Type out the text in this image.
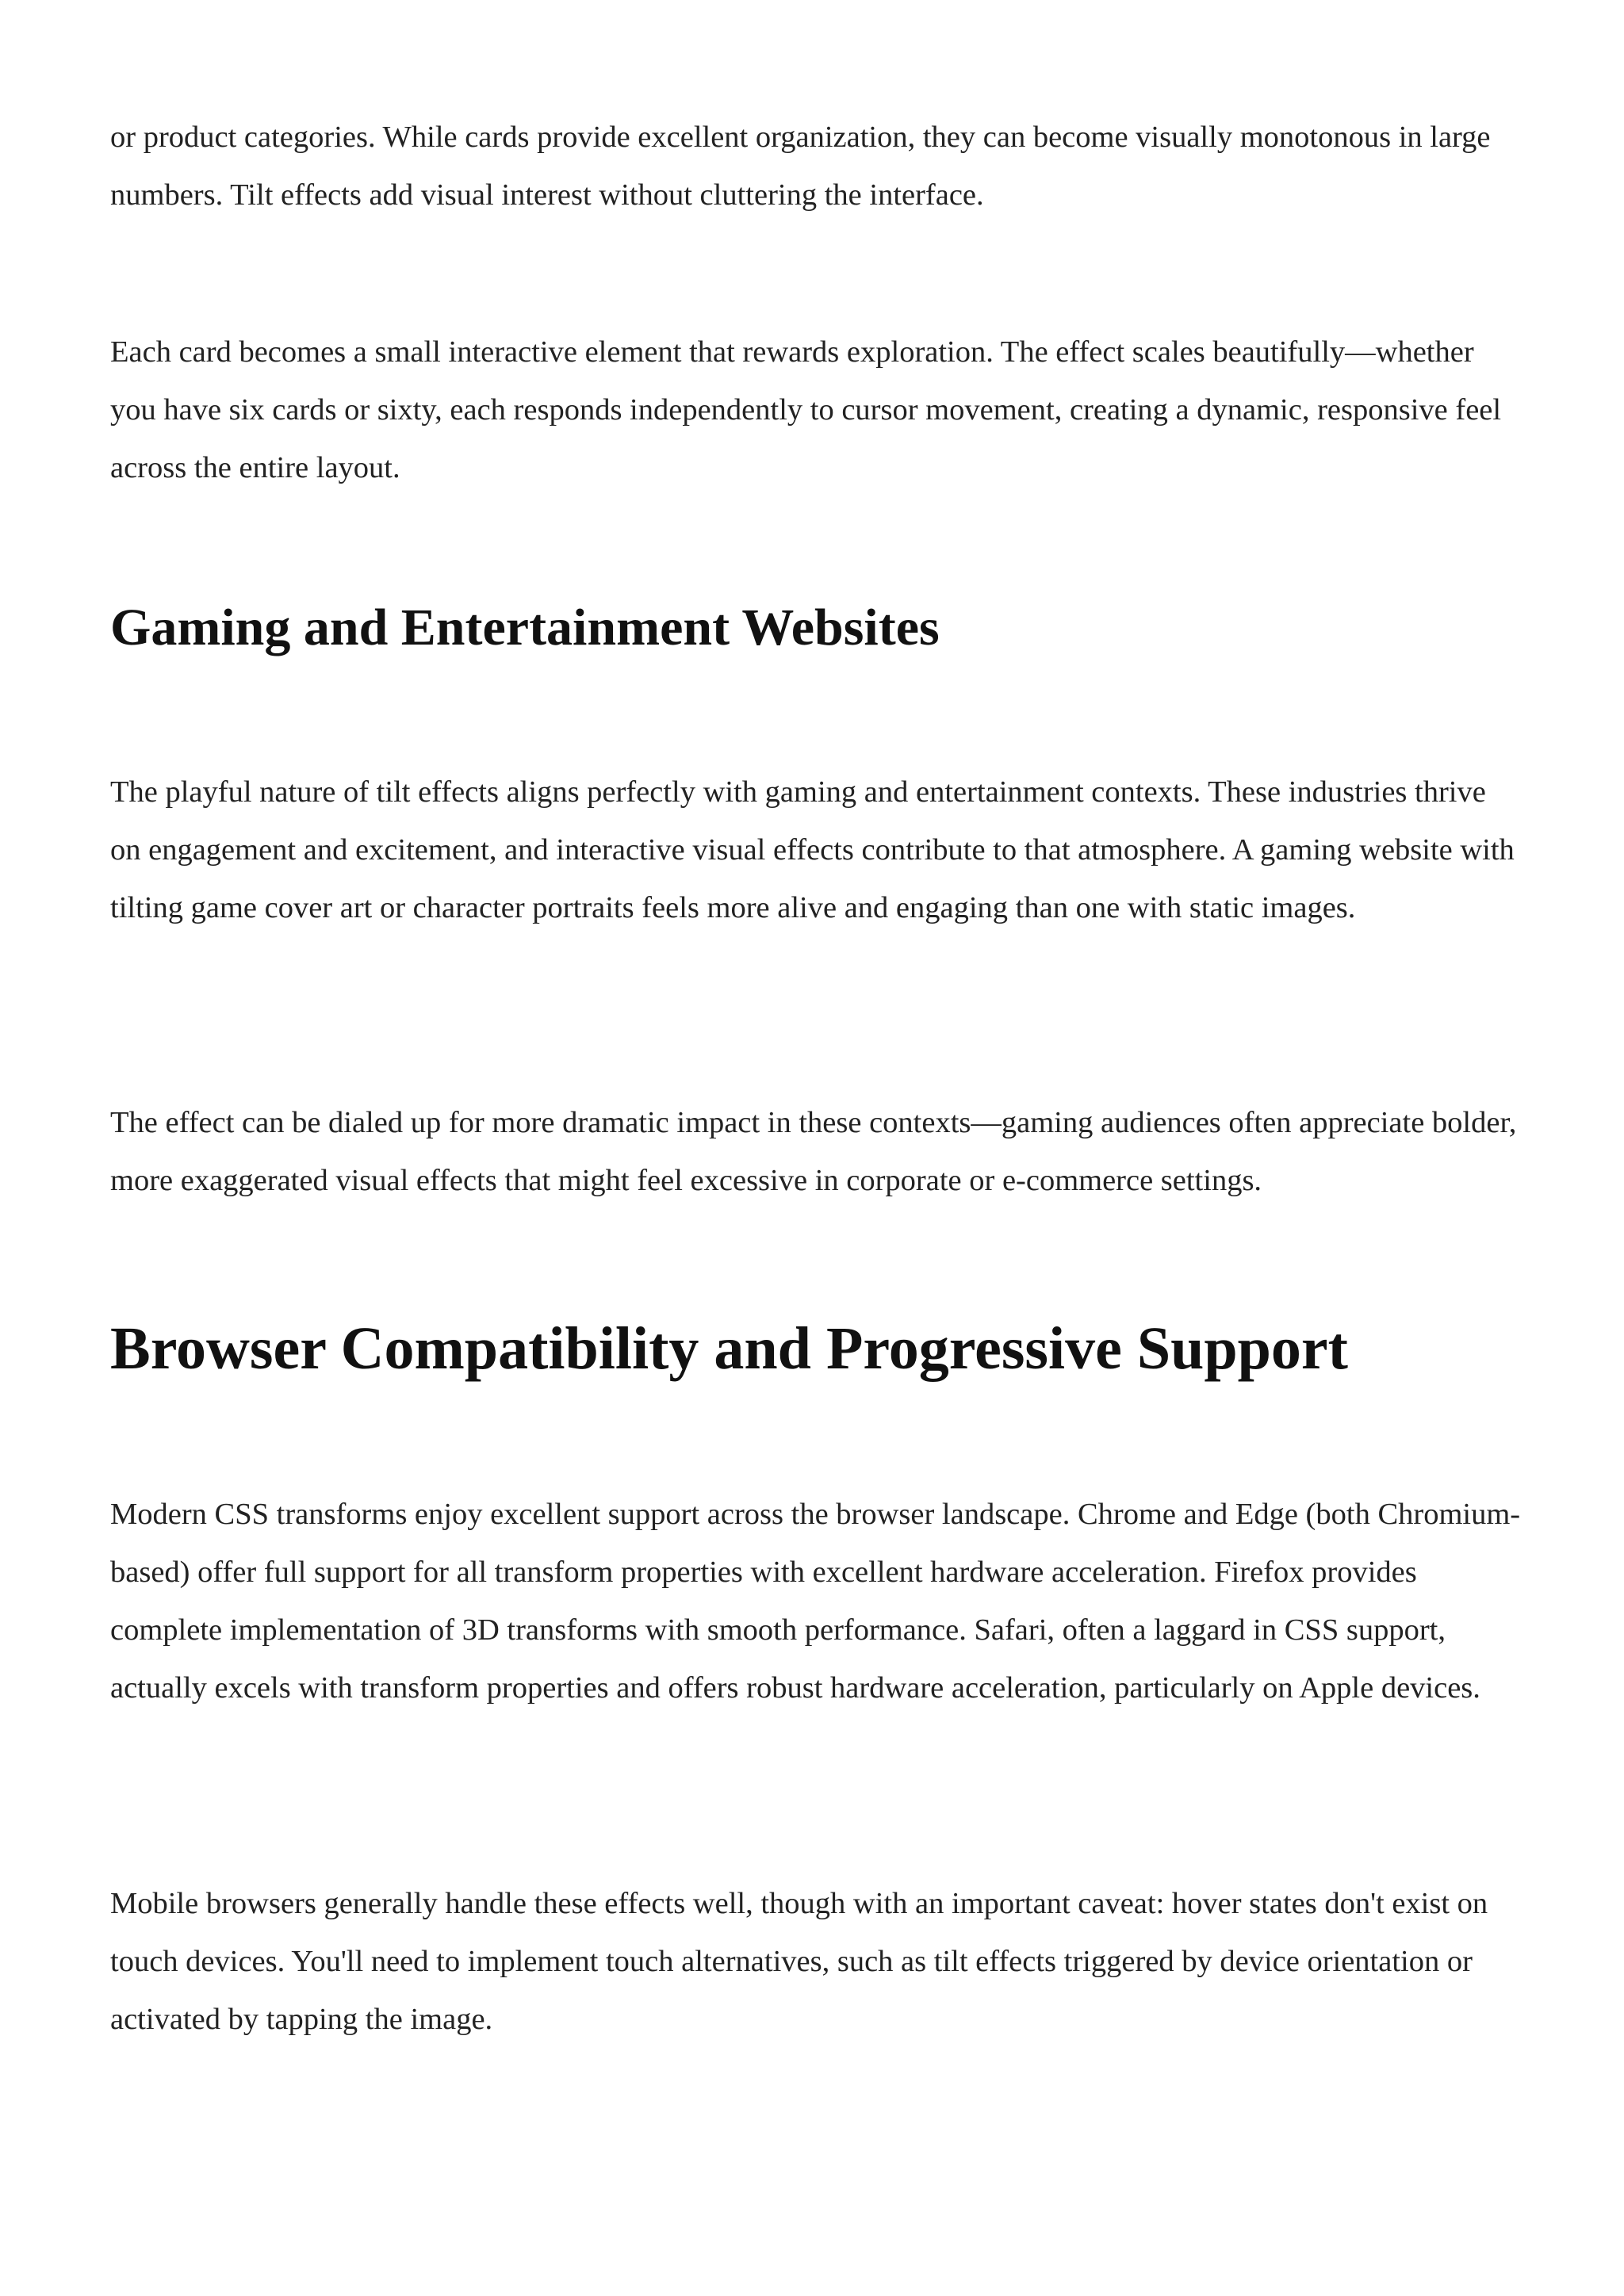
or product categories. While cards provide excellent organization, they can become visually monotonous in large numbers. Tilt effects add visual interest without cluttering the interface.

Each card becomes a small interactive element that rewards exploration. The effect scales beautifully—whether you have six cards or sixty, each responds independently to cursor movement, creating a dynamic, responsive feel across the entire layout.

Gaming and Entertainment Websites

The playful nature of tilt effects aligns perfectly with gaming and entertainment contexts. These industries thrive on engagement and excitement, and interactive visual effects contribute to that atmosphere. A gaming website with tilting game cover art or character portraits feels more alive and engaging than one with static images.

The effect can be dialed up for more dramatic impact in these contexts—gaming audiences often appreciate bolder, more exaggerated visual effects that might feel excessive in corporate or e-commerce settings.

Browser Compatibility and Progressive Support

Modern CSS transforms enjoy excellent support across the browser landscape. Chrome and Edge (both Chromium-based) offer full support for all transform properties with excellent hardware acceleration. Firefox provides complete implementation of 3D transforms with smooth performance. Safari, often a laggard in CSS support, actually excels with transform properties and offers robust hardware acceleration, particularly on Apple devices.

Mobile browsers generally handle these effects well, though with an important caveat: hover states don't exist on touch devices. You'll need to implement touch alternatives, such as tilt effects triggered by device orientation or activated by tapping the image.
